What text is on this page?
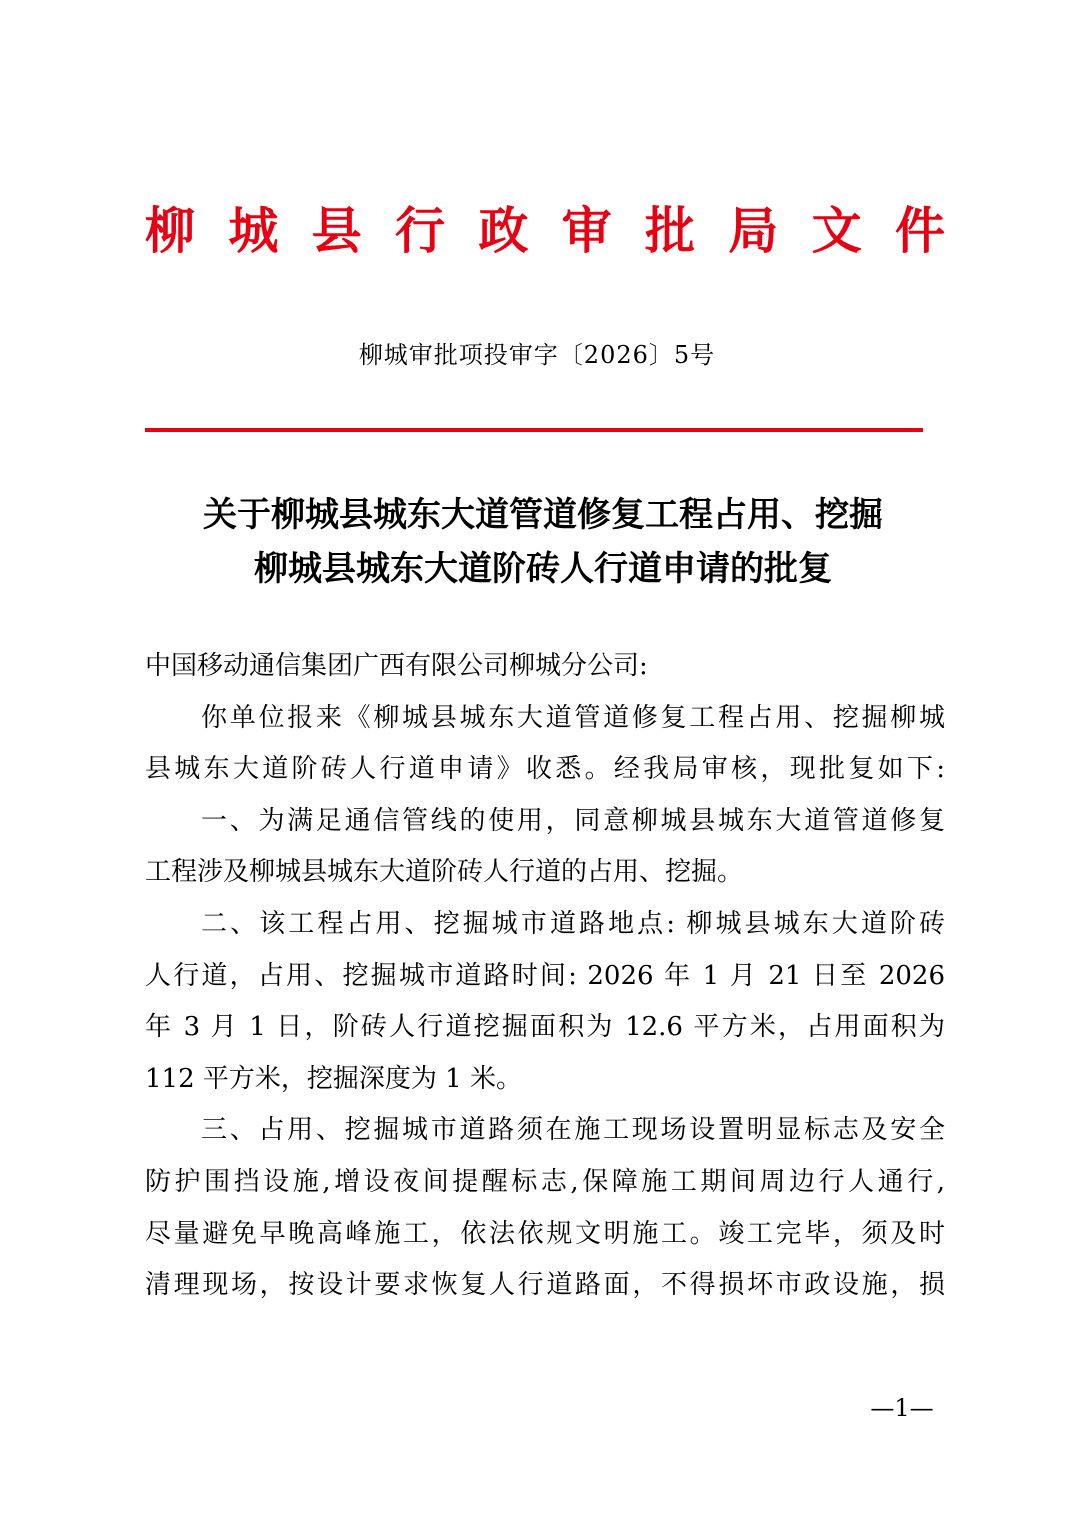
柳 城 县 行 政 审 批 局 文 件
柳城审批项投审字〔2026〕5号
关于柳城县城东大道管道修复工程占用、挖掘
柳城县城东大道阶砖人行道申请的批复
中国移动通信集团广西有限公司柳城分公司:
你单位报来《柳城县城东大道管道修复工程占用、挖掘柳城
县城东大道阶砖人行道申请》收悉。经我局审核，现批复如下:
一、为满足通信管线的使用，同意柳城县城东大道管道修复
工程涉及柳城县城东大道阶砖人行道的占用、挖掘。
二、该工程占用、挖掘城市道路地点: 柳城县城东大道阶砖
人行道，占用、挖掘城市道路时间: 2026 年 1 月 21 日至 2026
年 3 月 1 日，阶砖人行道挖掘面积为 12.6 平方米，占用面积为
112 平方米，挖掘深度为 1 米。
三、占用、挖掘城市道路须在施工现场设置明显标志及安全
防护围挡设施,增设夜间提醒标志,保障施工期间周边行人通行,
尽量避免早晚高峰施工，依法依规文明施工。竣工完毕，须及时
清理现场，按设计要求恢复人行道路面，不得损坏市政设施，损
—1—
